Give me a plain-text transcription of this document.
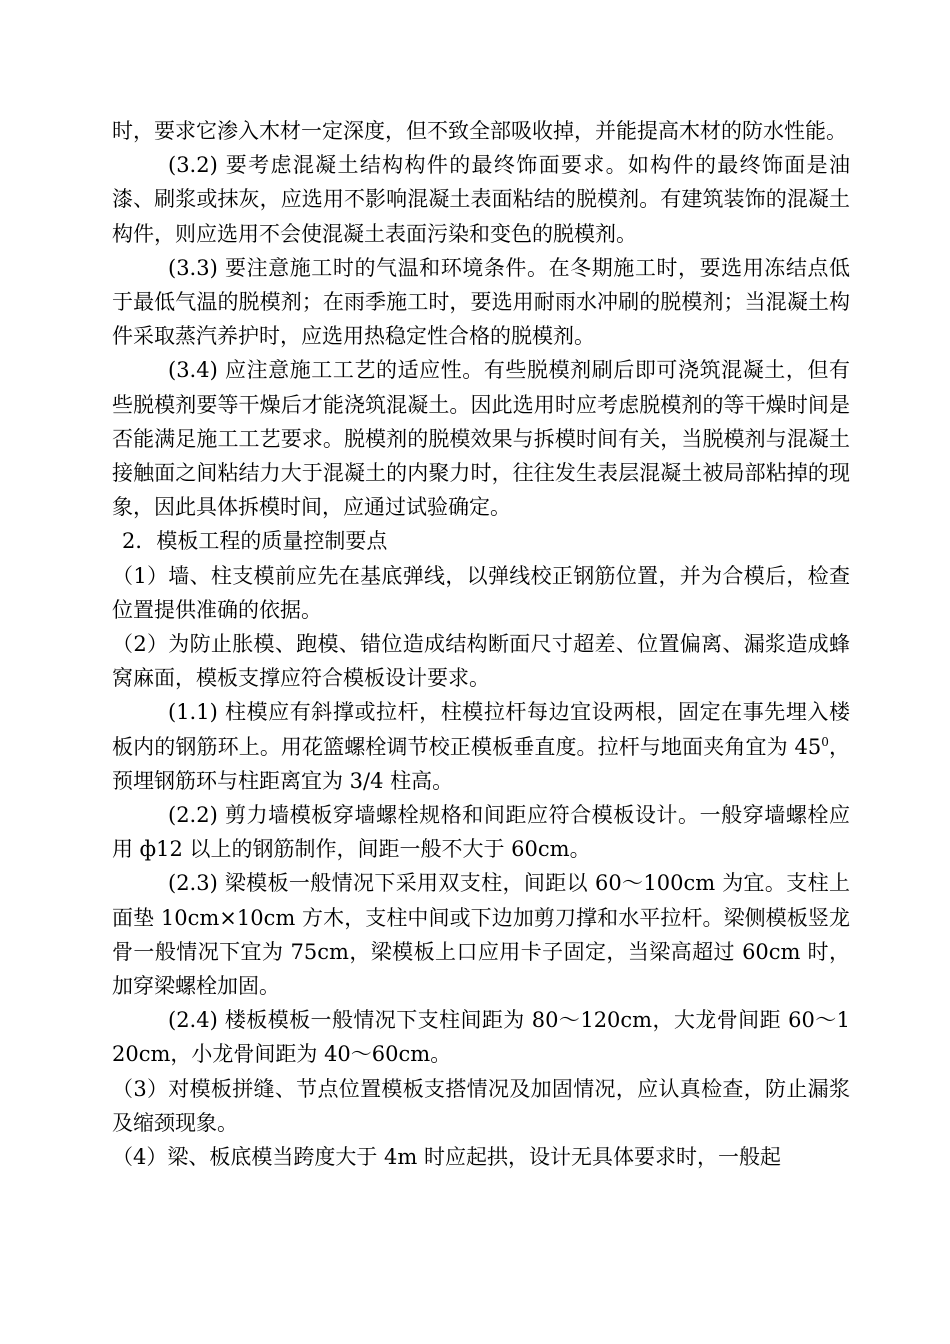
时，要求它渗入木材一定深度，但不致全部吸收掉，并能提高木材的防水性能。

(3.2) 要考虑混凝土结构构件的最终饰面要求。如构件的最终饰面是油漆、刷浆或抹灰，应选用不影响混凝土表面粘结的脱模剂。有建筑装饰的混凝土构件，则应选用不会使混凝土表面污染和变色的脱模剂。

(3.3) 要注意施工时的气温和环境条件。在冬期施工时，要选用冻结点低于最低气温的脱模剂；在雨季施工时，要选用耐雨水冲刷的脱模剂；当混凝土构件采取蒸汽养护时，应选用热稳定性合格的脱模剂。

(3.4) 应注意施工工艺的适应性。有些脱模剂刷后即可浇筑混凝土，但有些脱模剂要等干燥后才能浇筑混凝土。因此选用时应考虑脱模剂的等干燥时间是否能满足施工工艺要求。脱模剂的脱模效果与拆模时间有关，当脱模剂与混凝土接触面之间粘结力大于混凝土的内聚力时，往往发生表层混凝土被局部粘掉的现象，因此具体拆模时间，应通过试验确定。

2．模板工程的质量控制要点

（1）墙、柱支模前应先在基底弹线，以弹线校正钢筋位置，并为合模后，检查位置提供准确的依据。

（2）为防止胀模、跑模、错位造成结构断面尺寸超差、位置偏离、漏浆造成蜂窝麻面，模板支撑应符合模板设计要求。

(1.1) 柱模应有斜撑或拉杆，柱模拉杆每边宜设两根，固定在事先埋入楼板内的钢筋环上。用花篮螺栓调节校正模板垂直度。拉杆与地面夹角宜为 $45^0$，预埋钢筋环与柱距离宜为 3/4 柱高。

(2.2) 剪力墙模板穿墙螺栓规格和间距应符合模板设计。一般穿墙螺栓应用 ф12 以上的钢筋制作，间距一般不大于 60cm。

(2.3) 梁模板一般情况下采用双支柱，间距以 60～100cm 为宜。支柱上面垫 10cm×10cm 方木，支柱中间或下边加剪刀撑和水平拉杆。梁侧模板竖龙骨一般情况下宜为 75cm，梁模板上口应用卡子固定，当梁高超过 60cm 时，加穿梁螺栓加固。

(2.4) 楼板模板一般情况下支柱间距为 80～120cm，大龙骨间距 60～120cm，小龙骨间距为 40～60cm。

（3）对模板拼缝、节点位置模板支搭情况及加固情况，应认真检查，防止漏浆及缩颈现象。

（4）梁、板底模当跨度大于 4m 时应起拱，设计无具体要求时，一般起
